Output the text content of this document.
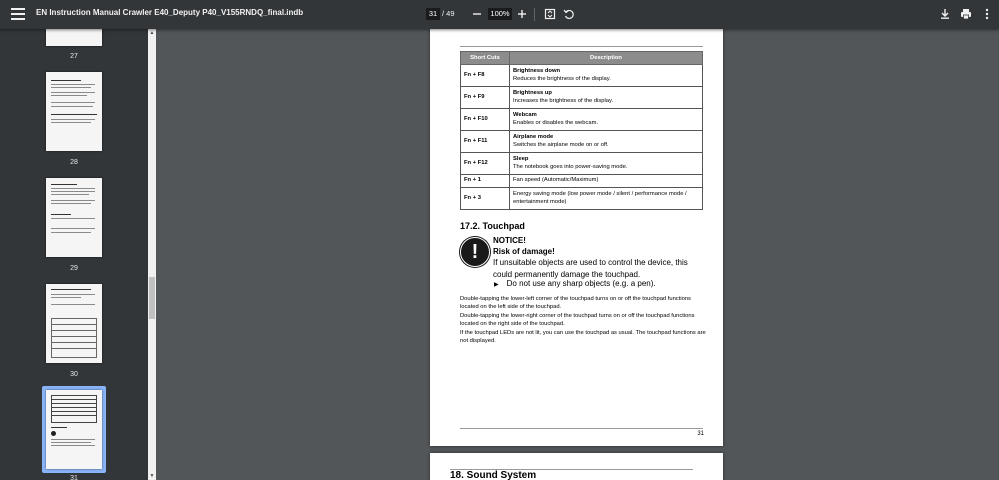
EN Instruction Manual Crawler E40_Deputy P40_V155RNDQ_final.indb	31 / 49	100%
27
28
29
30
31
▲
▼
Short Cuts	Description
Fn + F8	Brightness down
Reduces the brightness of the display.
Fn + F9	Brightness up
Increases the brightness of the display.
Fn + F10	Webcam
Enables or disables the webcam.
Fn + F11	Airplane mode
Switches the airplane mode on or off.
Fn + F12	Sleep
The notebook goes into power-saving mode.
Fn + 1	Fan speed (Automatic/Maximum)
Fn + 3	Energy saving mode (low power mode / silent / performance mode / entertainment mode)
17.2. Touchpad
!
NOTICE!
Risk of damage!
If unsuitable objects are used to control the device, this could permanently damage the touchpad.
▶ Do not use any sharp objects (e.g. a pen).
Double-tapping the lower-left corner of the touchpad turns on or off the touchpad functions located on the left side of the touchpad.
Double-tapping the lower-right corner of the touchpad turns on or off the touchpad functions located on the right side of the touchpad.
If the touchpad LEDs are not lit, you can use the touchpad as usual. The touchpad functions are not displayed.
31
18. Sound System
